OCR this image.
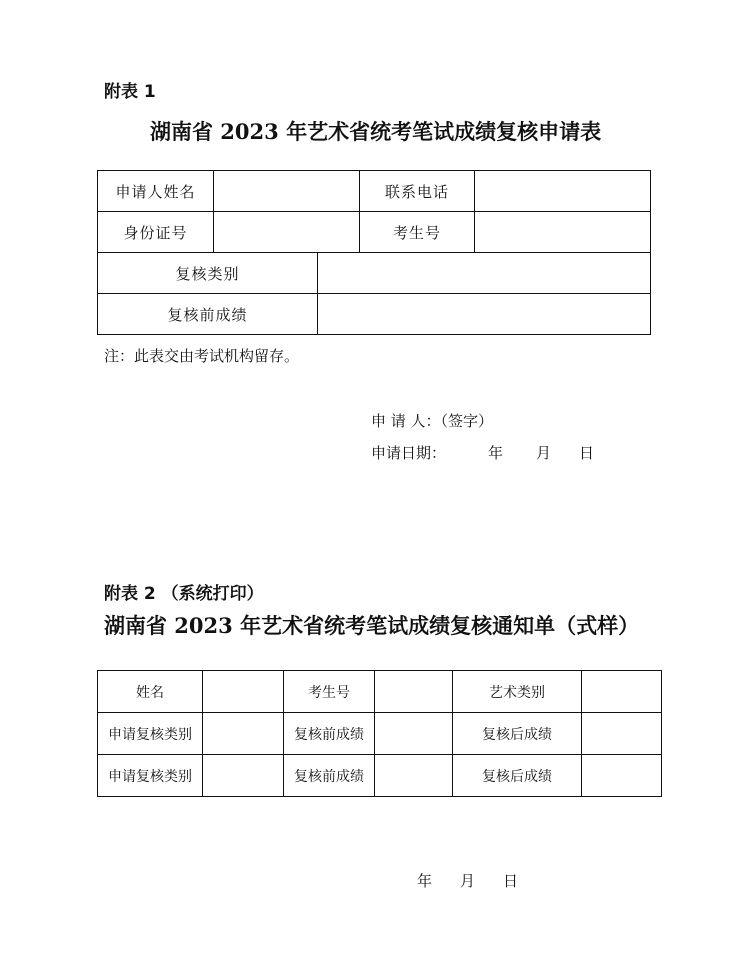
附表 1
湖南省 2023 年艺术省统考笔试成绩复核申请表
申请人姓名			联系电话	
身份证号			考生号	
复核类别				
复核前成绩				
注：此表交由考试机构留存。
申 请 人：（签字）
申请日期：	年 月 日
附表 2 （系统打印）
湖南省 2023 年艺术省统考笔试成绩复核通知单（式样）
姓名		考生号		艺术类别	
申请复核类别		复核前成绩		复核后成绩	
申请复核类别		复核前成绩		复核后成绩	
年 月 日
